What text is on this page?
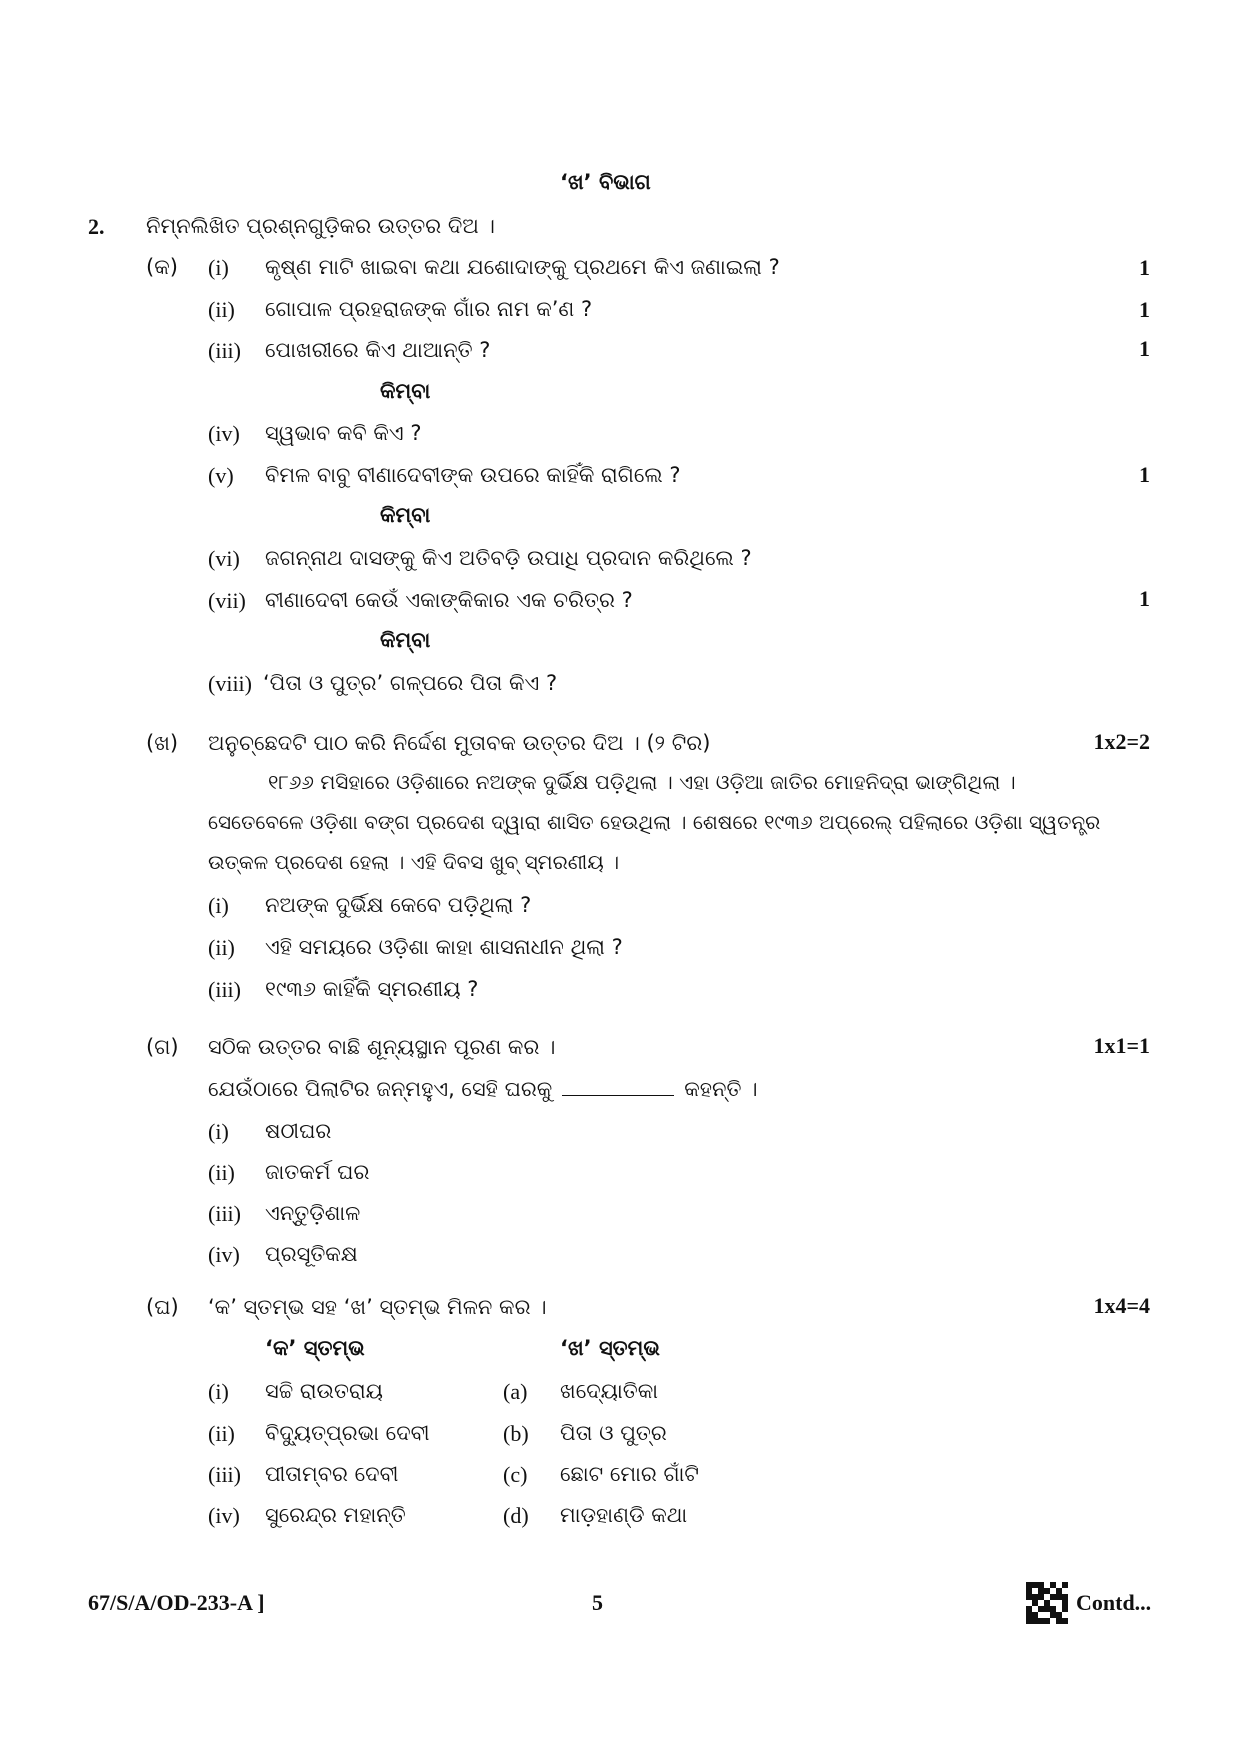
‘ଖ’ ବିଭାଗ
2. ନିମ୍ନଲିଖିତ ପ୍ରଶ୍ନଗୁଡ଼ିକର ଉତ୍ତର ଦିଅ ।
(କ) (i) କୃଷ୍ଣ ମାଟି ଖାଇବା କଥା ଯଶୋଦାଙ୍କୁ ପ୍ରଥମେ କିଏ ଜଣାଇଲା ?	1
(ii) ଗୋପାଳ ପ୍ରହରାଜଙ୍କ ଗାଁର ନାମ କ’ଣ ?	1
(iii) ପୋଖରୀରେ କିଏ ଥାଆନ୍ତି ?	1
କିମ୍ବା
(iv) ସ୍ୱଭାବ କବି କିଏ ?
(v) ବିମଳ ବାବୁ ବୀଣାଦେବୀଙ୍କ ଉପରେ କାହିଁକି ରାଗିଲେ ?	1
କିମ୍ବା
(vi) ଜଗନ୍ନାଥ ଦାସଙ୍କୁ କିଏ ଅତିବଡ଼ି ଉପାଧି ପ୍ରଦାନ କରିଥିଲେ ?
(vii) ବୀଣାଦେବୀ କେଉଁ ଏକାଙ୍କିକାର ଏକ ଚରିତ୍ର ?	1
କିମ୍ବା
(viii) ‘ପିତା ଓ ପୁତ୍ର’ ଗଳ୍ପରେ ପିତା କିଏ ?
(ଖ) ଅନୁଚ୍ଛେଦଟି ପାଠ କରି ନିର୍ଦ୍ଦେଶ ମୁତାବକ ଉତ୍ତର ଦିଅ । (୨ ଟିର)	1x2=2
୧୮୬୬ ମସିହାରେ ଓଡ଼ିଶାରେ ନଅଙ୍କ ଦୁର୍ଭିକ୍ଷ ପଡ଼ିଥିଲା । ଏହା ଓଡ଼ିଆ ଜାତିର ମୋହନିଦ୍ରା ଭାଙ୍ଗିଥିଲା ।
ସେତେବେଳେ ଓଡ଼ିଶା ବଙ୍ଗ ପ୍ରଦେଶ ଦ୍ୱାରା ଶାସିତ ହେଉଥିଲା । ଶେଷରେ ୧୯୩୬ ଅପ୍ରେଲ୍ ପହିଲାରେ ଓଡ଼ିଶା ସ୍ୱତନ୍ତ୍ର
ଉତ୍କଳ ପ୍ରଦେଶ ହେଲା । ଏହି ଦିବସ ଖୁବ୍ ସ୍ମରଣୀୟ ।
(i) ନଅଙ୍କ ଦୁର୍ଭିକ୍ଷ କେବେ ପଡ଼ିଥିଲା ?
(ii) ଏହି ସମୟରେ ଓଡ଼ିଶା କାହା ଶାସନାଧୀନ ଥିଲା ?
(iii) ୧୯୩୬ କାହିଁକି ସ୍ମରଣୀୟ ?
(ଗ) ସଠିକ ଉତ୍ତର ବାଛି ଶୂନ୍ୟସ୍ଥାନ ପୂରଣ କର ।	1x1=1
ଯେଉଁଠାରେ ପିଲାଟିର ଜନ୍ମହୁଏ, ସେହି ଘରକୁ	କହନ୍ତି ।
(i) ଷଠୀଘର
(ii) ଜାତକର୍ମ ଘର
(iii) ଏନ୍ତୁଡ଼ିଶାଳ
(iv) ପ୍ରସୂତିକକ୍ଷ
(ଘ) ‘କ’ ସ୍ତମ୍ଭ ସହ ‘ଖ’ ସ୍ତମ୍ଭ ମିଳନ କର ।	1x4=4
‘କ’ ସ୍ତମ୍ଭ	‘ଖ’ ସ୍ତମ୍ଭ
(i) ସଚ୍ଚି ରାଉତରାୟ	(a) ଖଦ୍ୟୋତିକା
(ii) ବିଦ୍ୟୁତ୍‌ପ୍ରଭା ଦେବୀ	(b) ପିତା ଓ ପୁତ୍ର
(iii) ପୀତାମ୍ବର ଦେବୀ	(c) ଛୋଟ ମୋର ଗାଁଟି
(iv) ସୁରେନ୍ଦ୍ର ମହାନ୍ତି	(d) ମାଡ଼ହାଣ୍ଡି କଥା
67/S/A/OD-233-A ]	5	Contd...
